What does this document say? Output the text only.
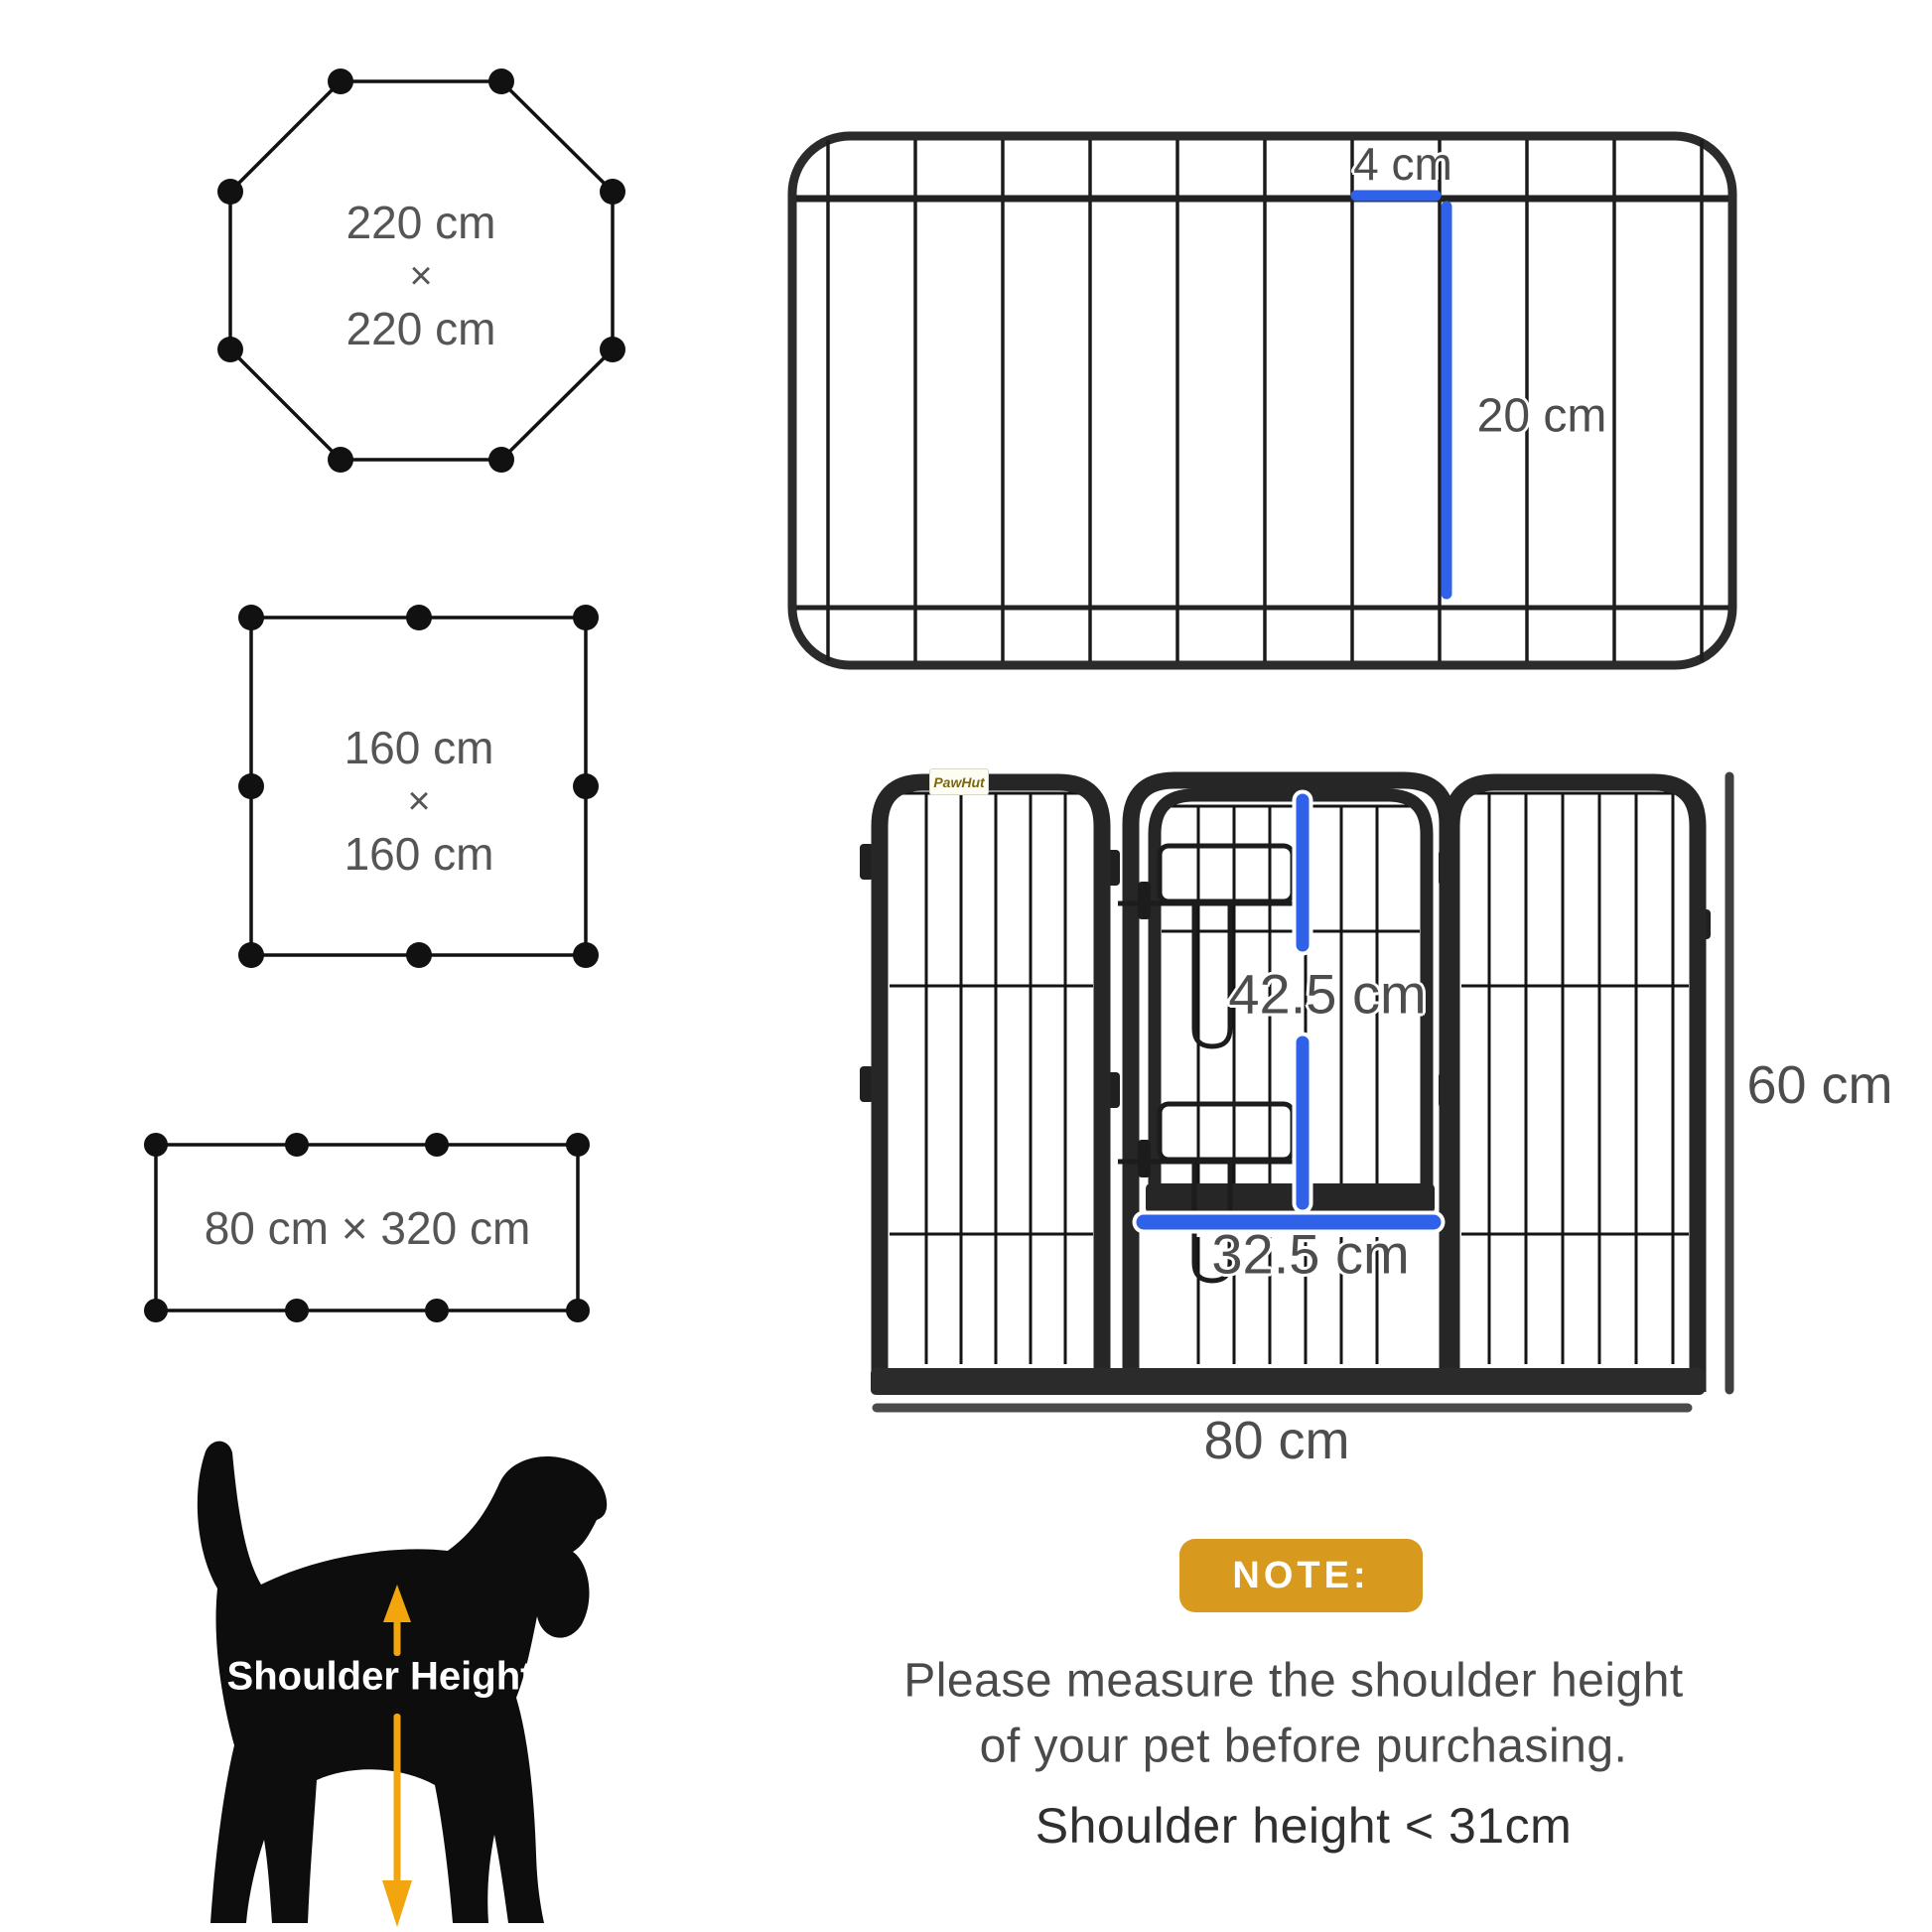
220 cm
×
220 cm
160 cm
×
160 cm
80 cm × 320 cm
4 cm
20 cm
42.5 cm
32.5 cm
60 cm
80 cm
PawHut
Shoulder Height
NOTE:
Please measure the shoulder height
of your pet before purchasing.
Shoulder height < 31cm
